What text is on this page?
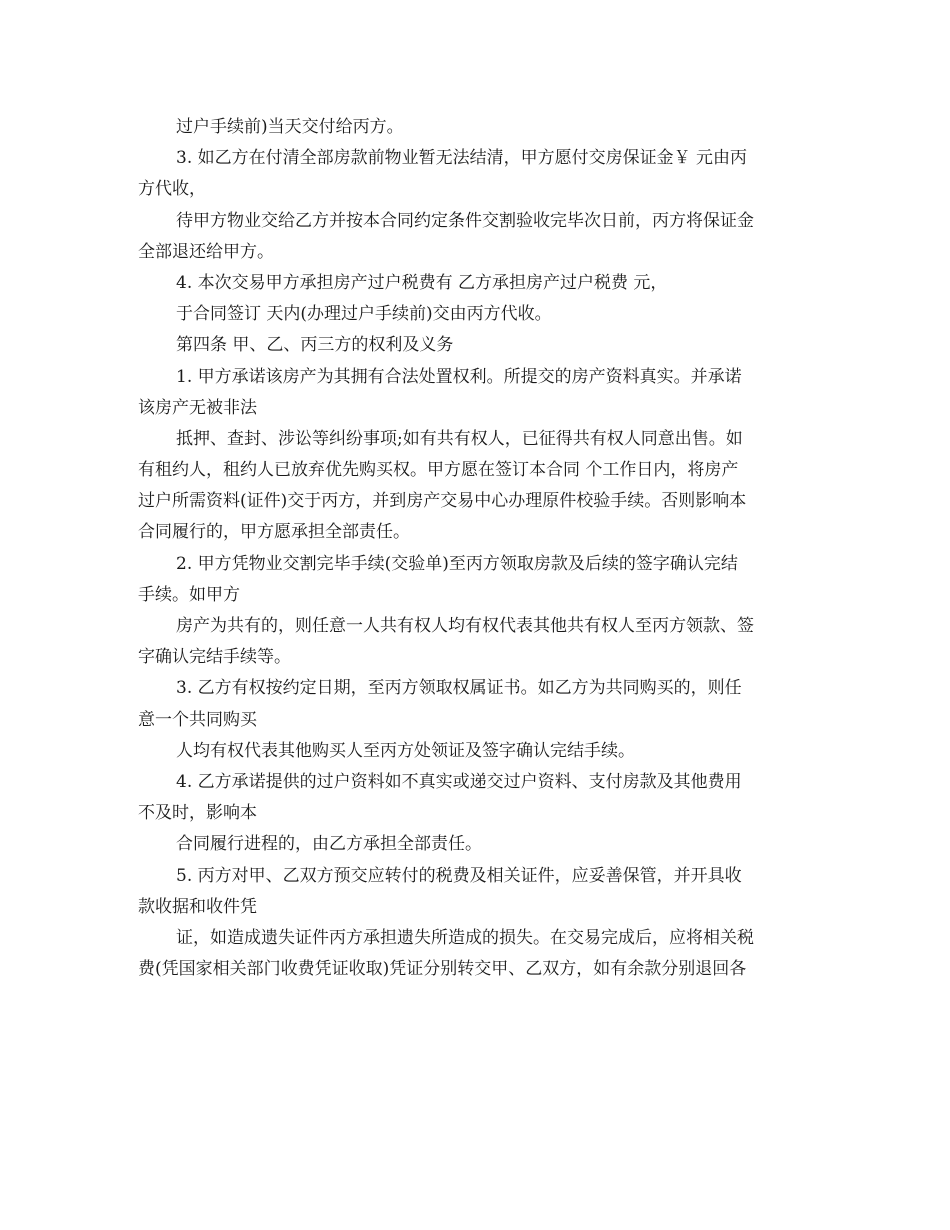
过户手续前)当天交付给丙方。
3. 如乙方在付清全部房款前物业暂无法结清，甲方愿付交房保证金￥ 元由丙
方代收，
待甲方物业交给乙方并按本合同约定条件交割验收完毕次日前，丙方将保证金
全部退还给甲方。
4. 本次交易甲方承担房产过户税费有 乙方承担房产过户税费 元，
于合同签订 天内(办理过户手续前)交由丙方代收。
第四条 甲、乙、丙三方的权利及义务
1. 甲方承诺该房产为其拥有合法处置权利。所提交的房产资料真实。并承诺
该房产无被非法
抵押、查封、涉讼等纠纷事项;如有共有权人，已征得共有权人同意出售。如
有租约人，租约人已放弃优先购买权。甲方愿在签订本合同 个工作日内，将房产
过户所需资料(证件)交于丙方，并到房产交易中心办理原件校验手续。否则影响本
合同履行的，甲方愿承担全部责任。
2. 甲方凭物业交割完毕手续(交验单)至丙方领取房款及后续的签字确认完结
手续。如甲方
房产为共有的，则任意一人共有权人均有权代表其他共有权人至丙方领款、签
字确认完结手续等。
3. 乙方有权按约定日期，至丙方领取权属证书。如乙方为共同购买的，则任
意一个共同购买
人均有权代表其他购买人至丙方处领证及签字确认完结手续。
4. 乙方承诺提供的过户资料如不真实或递交过户资料、支付房款及其他费用
不及时，影响本
合同履行进程的，由乙方承担全部责任。
5. 丙方对甲、乙双方预交应转付的税费及相关证件，应妥善保管，并开具收
款收据和收件凭
证，如造成遗失证件丙方承担遗失所造成的损失。在交易完成后，应将相关税
费(凭国家相关部门收费凭证收取)凭证分别转交甲、乙双方，如有余款分别退回各
